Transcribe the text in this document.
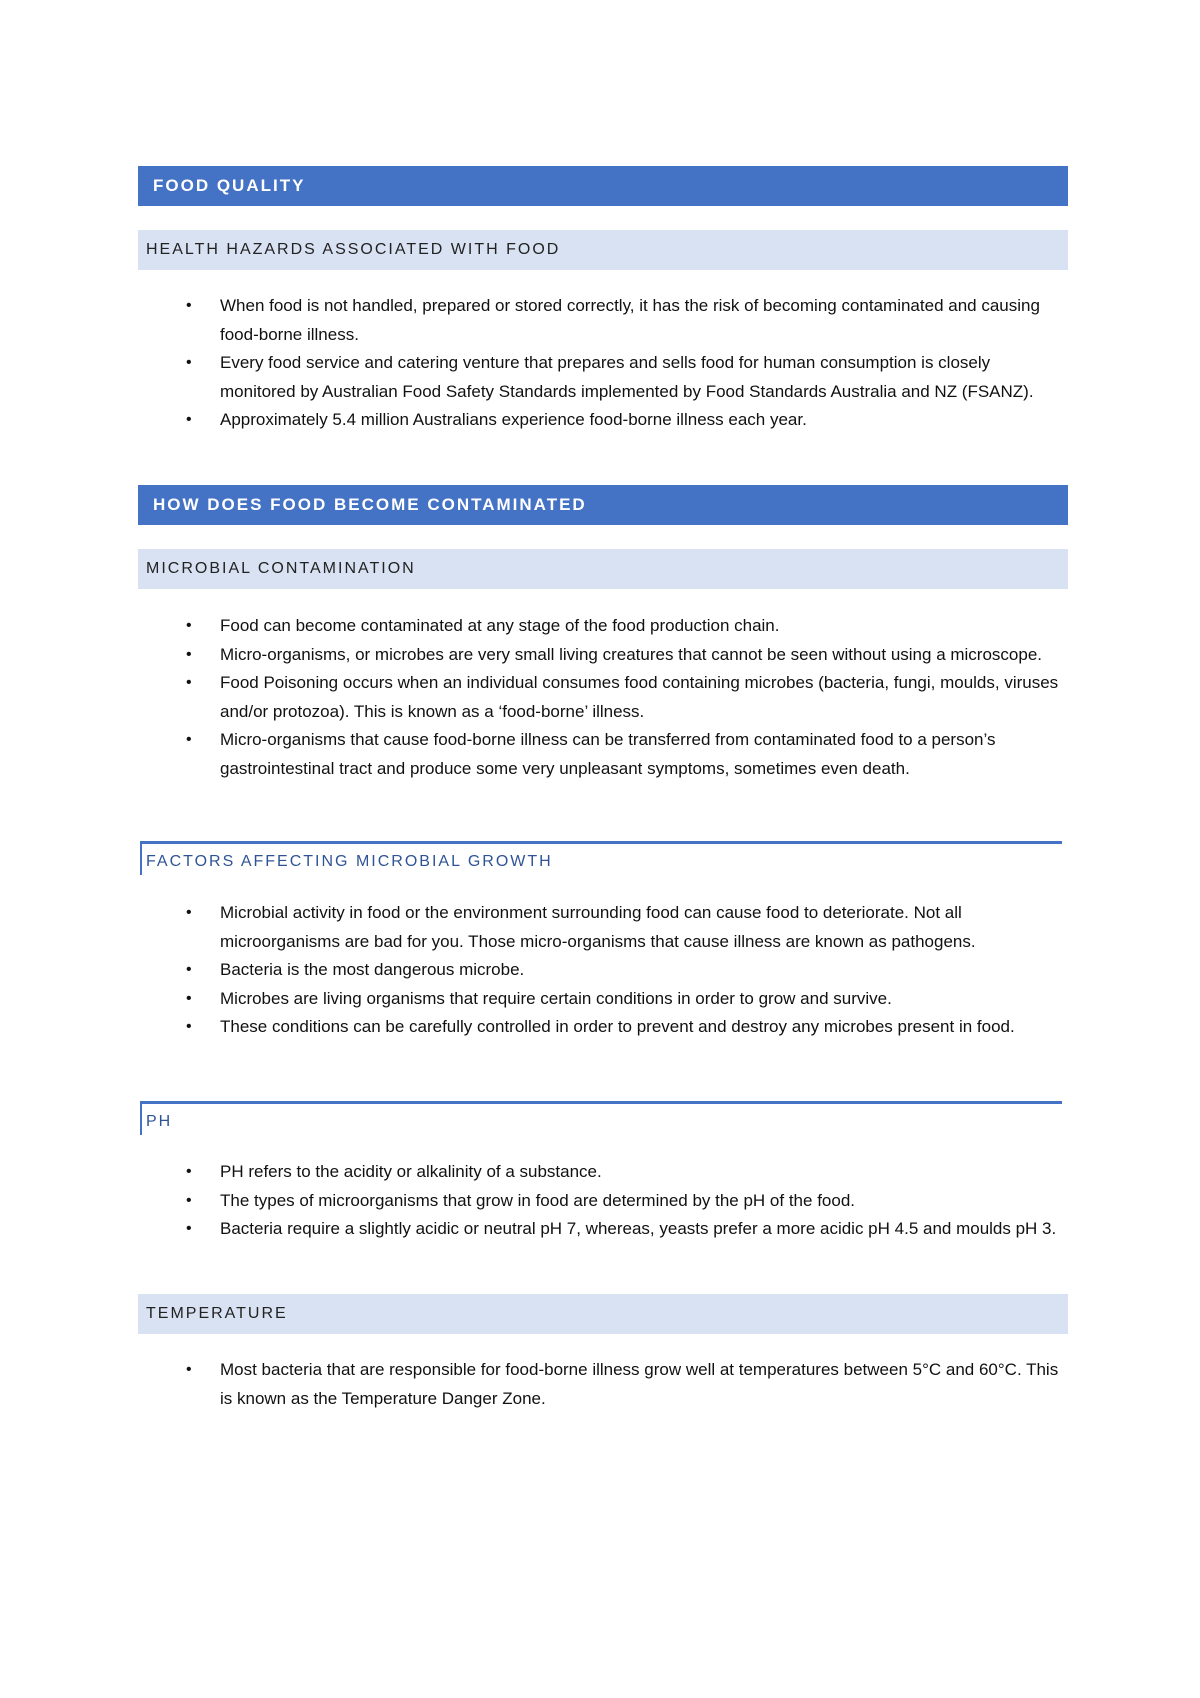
FOOD QUALITY
HEALTH HAZARDS ASSOCIATED WITH FOOD
•	When food is not handled, prepared or stored correctly, it has the risk of becoming contaminated and causing food-borne illness.
•	Every food service and catering venture that prepares and sells food for human consumption is closely monitored by Australian Food Safety Standards implemented by Food Standards Australia and NZ (FSANZ).
•	Approximately 5.4 million Australians experience food-borne illness each year.
HOW DOES FOOD BECOME CONTAMINATED
MICROBIAL CONTAMINATION
•	Food can become contaminated at any stage of the food production chain.
•	Micro-organisms, or microbes are very small living creatures that cannot be seen without using a microscope.
•	Food Poisoning occurs when an individual consumes food containing microbes (bacteria, fungi, moulds, viruses and/or protozoa). This is known as a ‘food-borne’ illness.
•	Micro-organisms that cause food-borne illness can be transferred from contaminated food to a person’s gastrointestinal tract and produce some very unpleasant symptoms, sometimes even death.
FACTORS AFFECTING MICROBIAL GROWTH
•	Microbial activity in food or the environment surrounding food can cause food to deteriorate. Not all microorganisms are bad for you. Those micro-organisms that cause illness are known as pathogens.
•	Bacteria is the most dangerous microbe.
•	Microbes are living organisms that require certain conditions in order to grow and survive.
•	These conditions can be carefully controlled in order to prevent and destroy any microbes present in food.
PH
•	PH refers to the acidity or alkalinity of a substance.
•	The types of microorganisms that grow in food are determined by the pH of the food.
•	Bacteria require a slightly acidic or neutral pH 7, whereas, yeasts prefer a more acidic pH 4.5 and moulds pH 3.
TEMPERATURE
•	Most bacteria that are responsible for food-borne illness grow well at temperatures between 5°C and 60°C. This is known as the Temperature Danger Zone.
